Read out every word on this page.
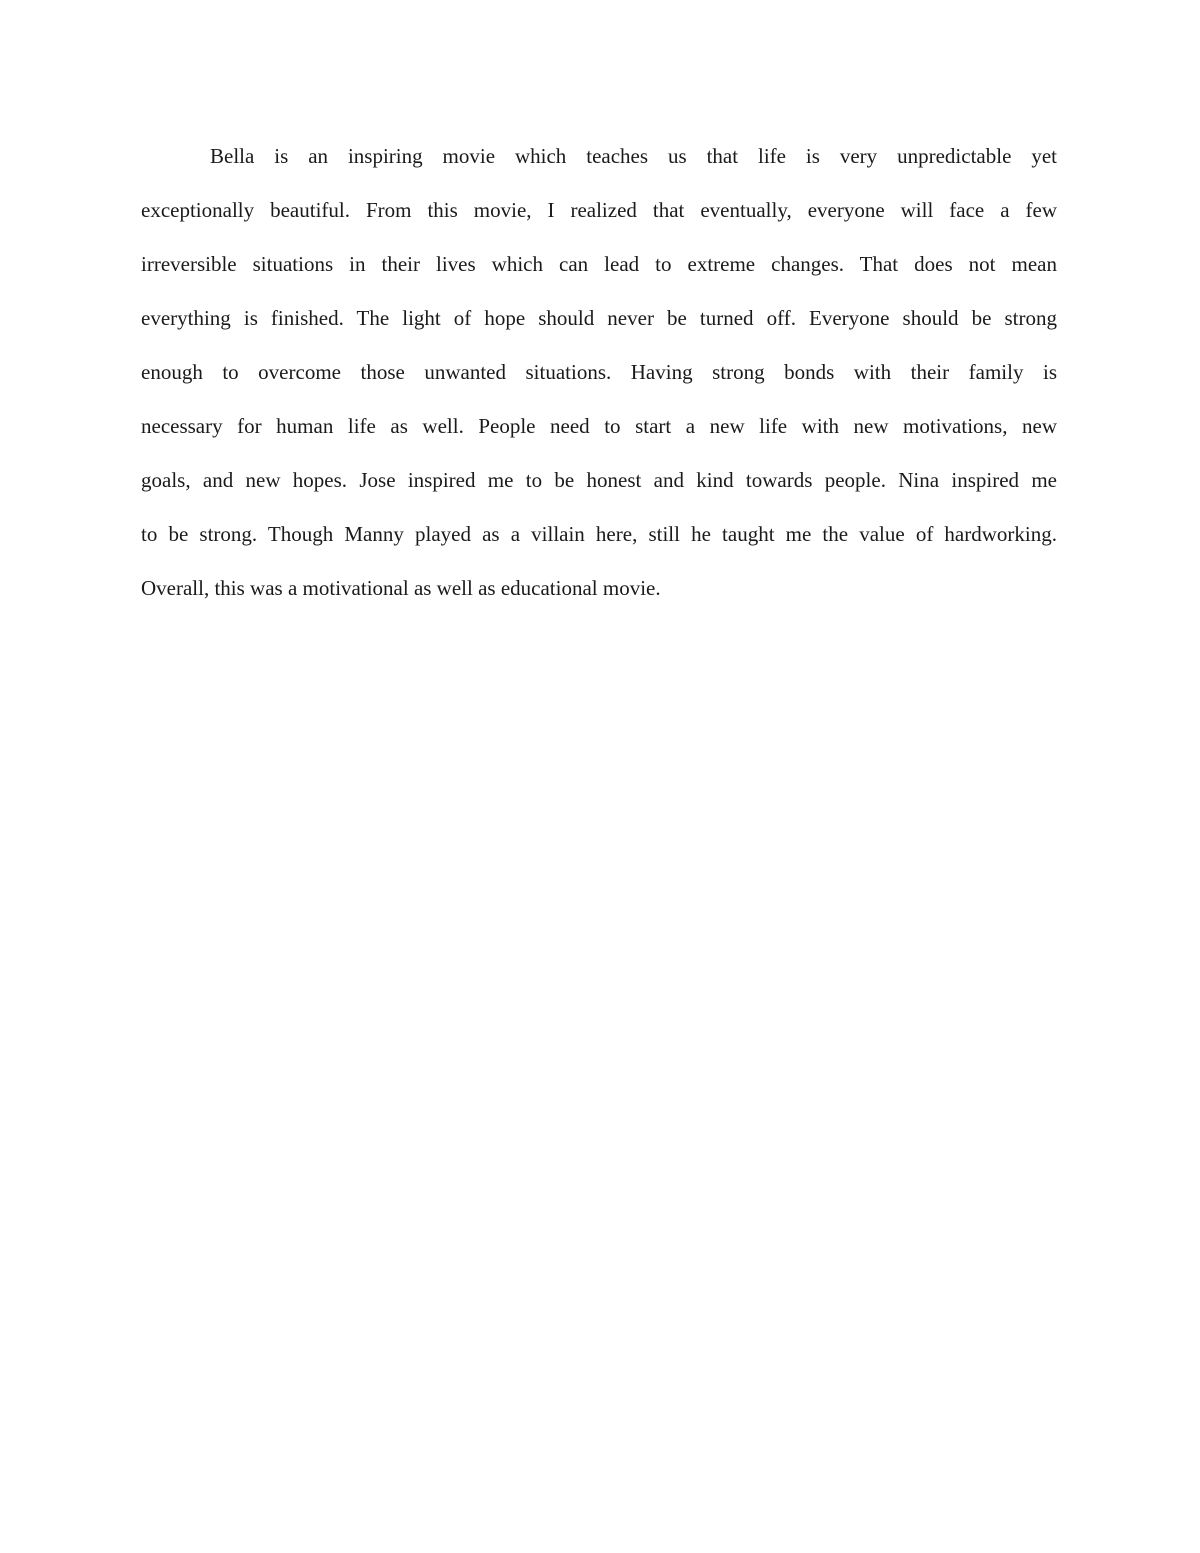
Bella is an inspiring movie which teaches us that life is very unpredictable yet
exceptionally beautiful. From this movie, I realized that eventually, everyone will face a few
irreversible situations in their lives which can lead to extreme changes. That does not mean
everything is finished. The light of hope should never be turned off. Everyone should be strong
enough to overcome those unwanted situations. Having strong bonds with their family is
necessary for human life as well. People need to start a new life with new motivations, new
goals, and new hopes. Jose inspired me to be honest and kind towards people. Nina inspired me
to be strong. Though Manny played as a villain here, still he taught me the value of hardworking.
Overall, this was a motivational as well as educational movie.
